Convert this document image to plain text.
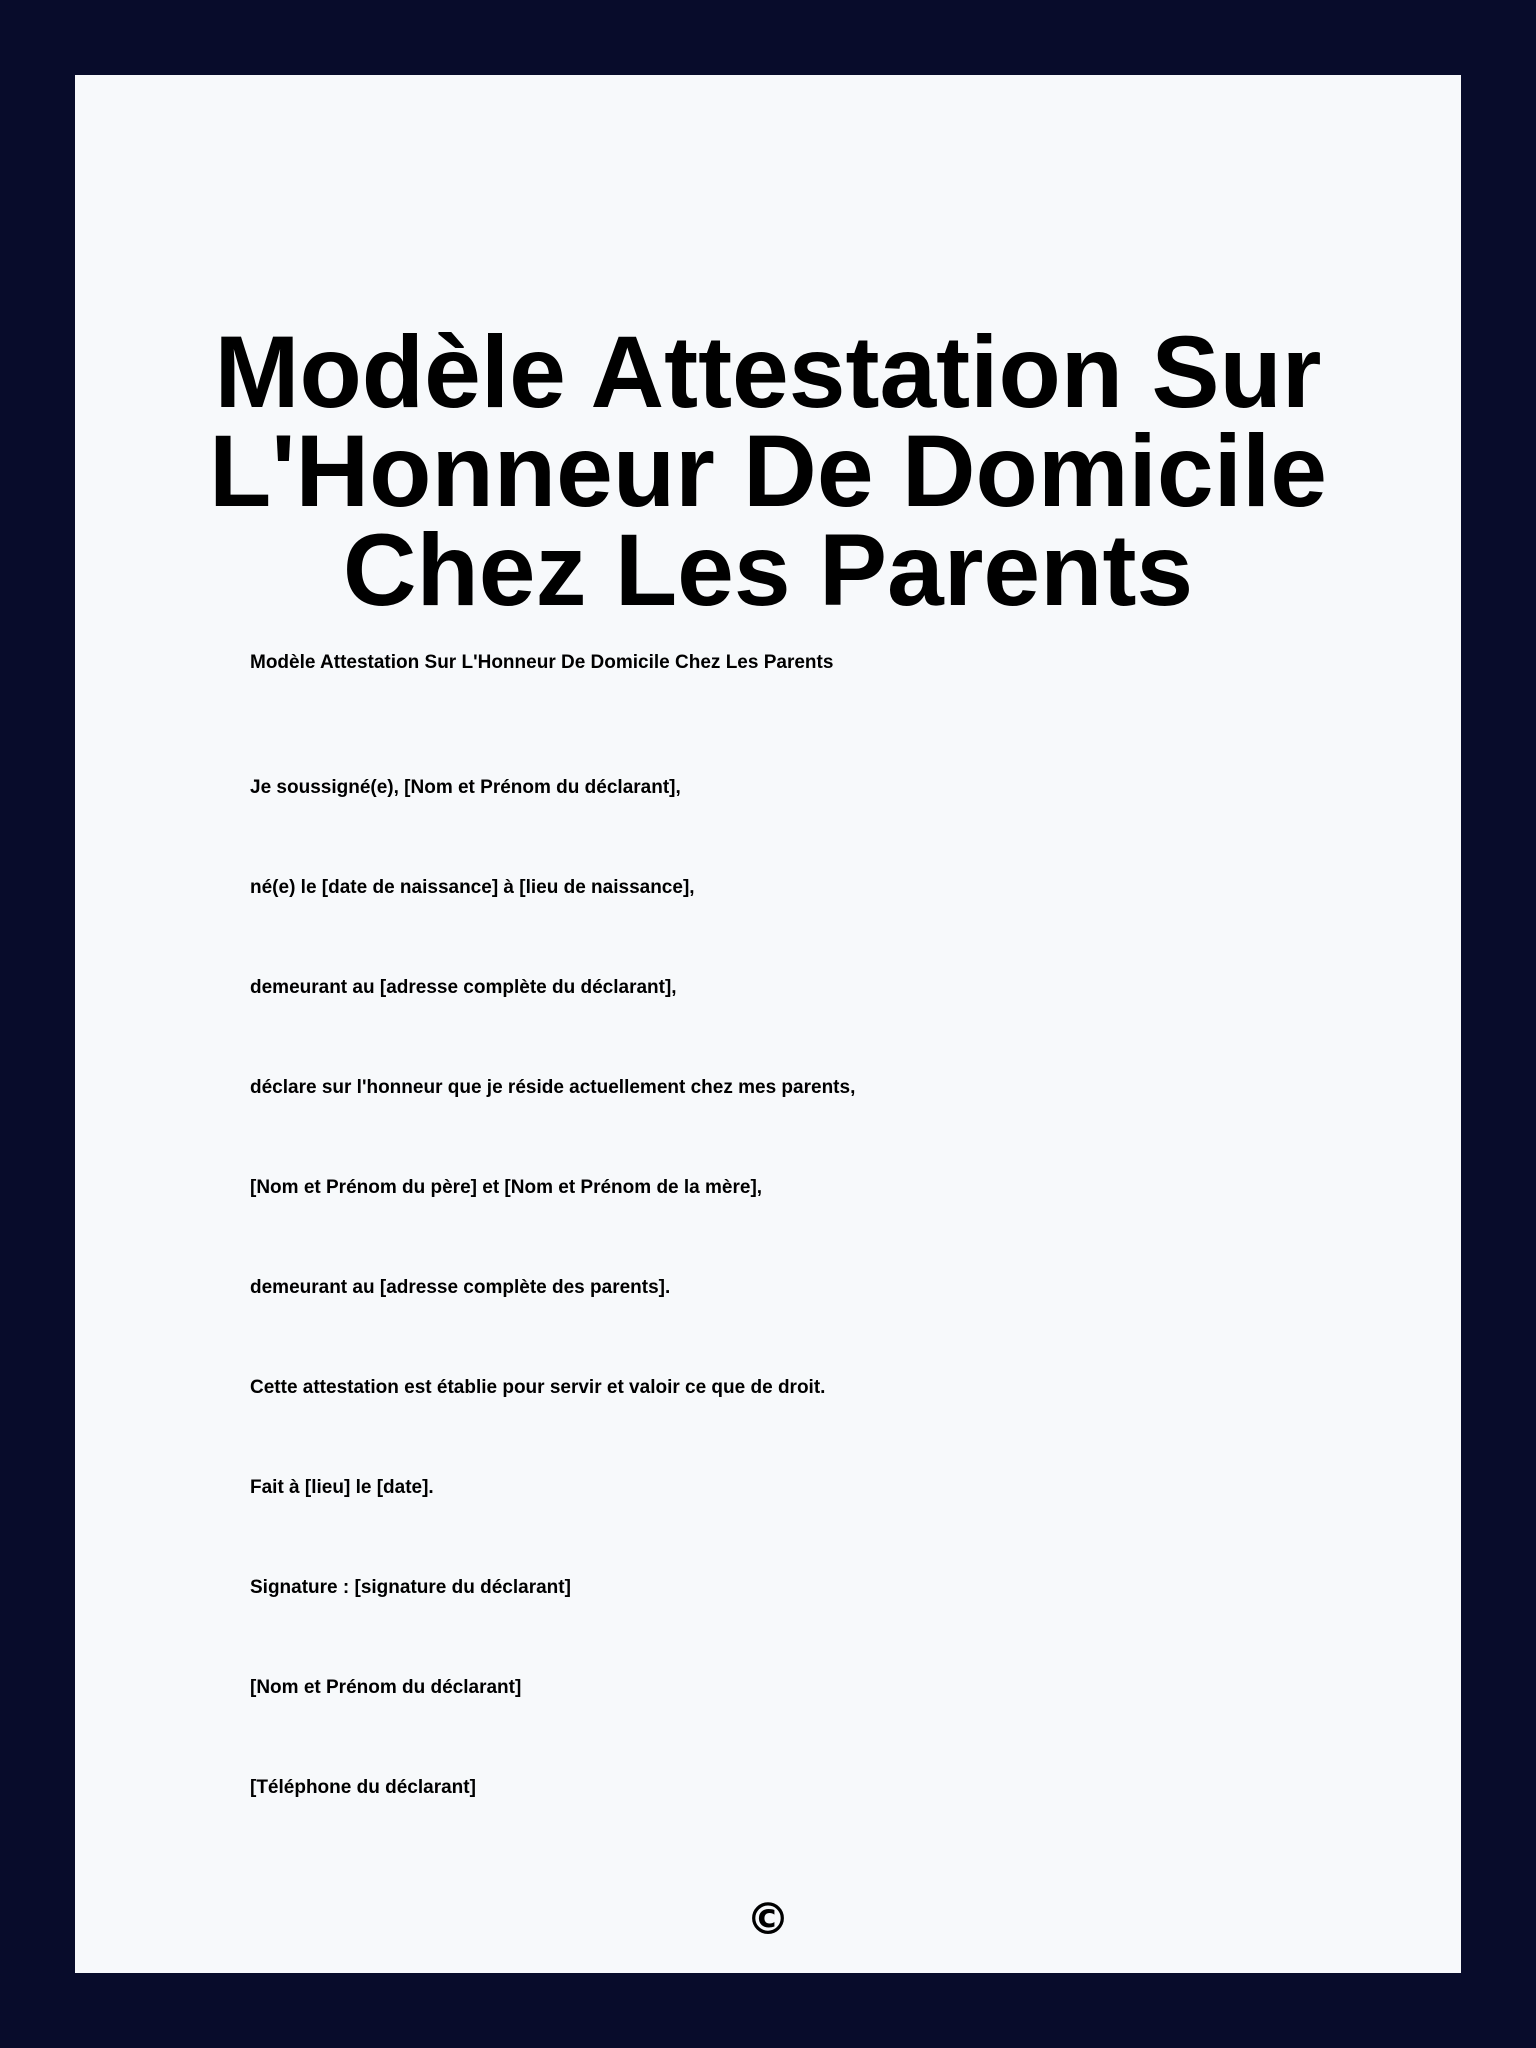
Modèle Attestation Sur L'Honneur De Domicile Chez Les Parents

Modèle Attestation Sur L'Honneur De Domicile Chez Les Parents

Je soussigné(e), [Nom et Prénom du déclarant],

né(e) le [date de naissance] à [lieu de naissance],

demeurant au [adresse complète du déclarant],

déclare sur l'honneur que je réside actuellement chez mes parents,

[Nom et Prénom du père] et [Nom et Prénom de la mère],

demeurant au [adresse complète des parents].

Cette attestation est établie pour servir et valoir ce que de droit.

Fait à [lieu] le [date].

Signature : [signature du déclarant]

[Nom et Prénom du déclarant]

[Téléphone du déclarant]

©
